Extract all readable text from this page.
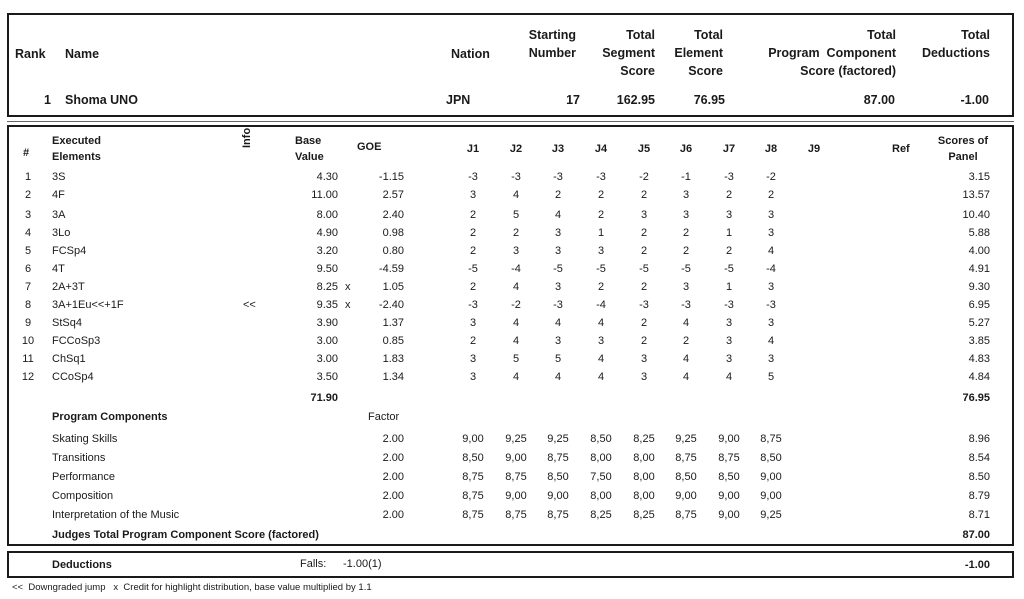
Rank Name	Nation
Starting
Number
Total
Segment
Score
Total
Element
Score
Total
Program  Component
Score (factored)
Total
Deductions
1 Shoma UNO	JPN	17	162.95	76.95	87.00	-1.00
#
Executed
Elements
Info	Base
Value
GOE	J1	J2	J3	J4	J5	J6	J7	J8	J9	Ref
Scores of
Panel
1	3S	4.30	-1.15	-3	-3	-3	-3	-2	-1	-3	-2	3.15
2	4F	11.00	2.57	3	4	2	2	2	3	2	2	13.57
3	3A	8.00	2.40	2	5	4	2	3	3	3	3	10.40
4	3Lo	4.90	0.98	2	2	3	1	2	2	1	3	5.88
5	FCSp4	3.20	0.80	2	3	3	3	2	2	2	4	4.00
6	4T	9.50	-4.59	-5	-4	-5	-5	-5	-5	-5	-4	4.91
7	2A+3T	8.25 x	1.05	2	4	3	2	2	3	1	3	9.30
8	3A+1Eu<<+1F	<<	9.35 x	-2.40	-3	-2	-3	-4	-3	-3	-3	-3	6.95
9	StSq4	3.90	1.37	3	4	4	4	2	4	3	3	5.27
10	FCCoSp3	3.00	0.85	2	4	3	3	2	2	3	4	3.85
11	ChSq1	3.00	1.83	3	5	5	4	3	4	3	3	4.83
12	CCoSp4	3.50	1.34	3	4	4	4	3	4	4	5	4.84
71.90	76.95
Program Components	Factor
Skating Skills	2.00	9,00	9,25	9,25	8,50	8,25	9,25	9,00	8,75	8.96
Transitions	2.00	8,50	9,00	8,75	8,00	8,00	8,75	8,75	8,50	8.54
Performance	2.00	8,75	8,75	8,50	7,50	8,00	8,50	8,50	9,00	8.50
Composition	2.00	8,75	9,00	9,00	8,00	8,00	9,00	9,00	9,00	8.79
Interpretation of the Music	2.00	8,75	8,75	8,75	8,25	8,25	8,75	9,00	9,25	8.71
Judges Total Program Component Score (factored)	87.00
Deductions	Falls: -1.00(1)	-1.00
<<  Downgraded jump   x  Credit for highlight distribution, base value multiplied by 1.1
